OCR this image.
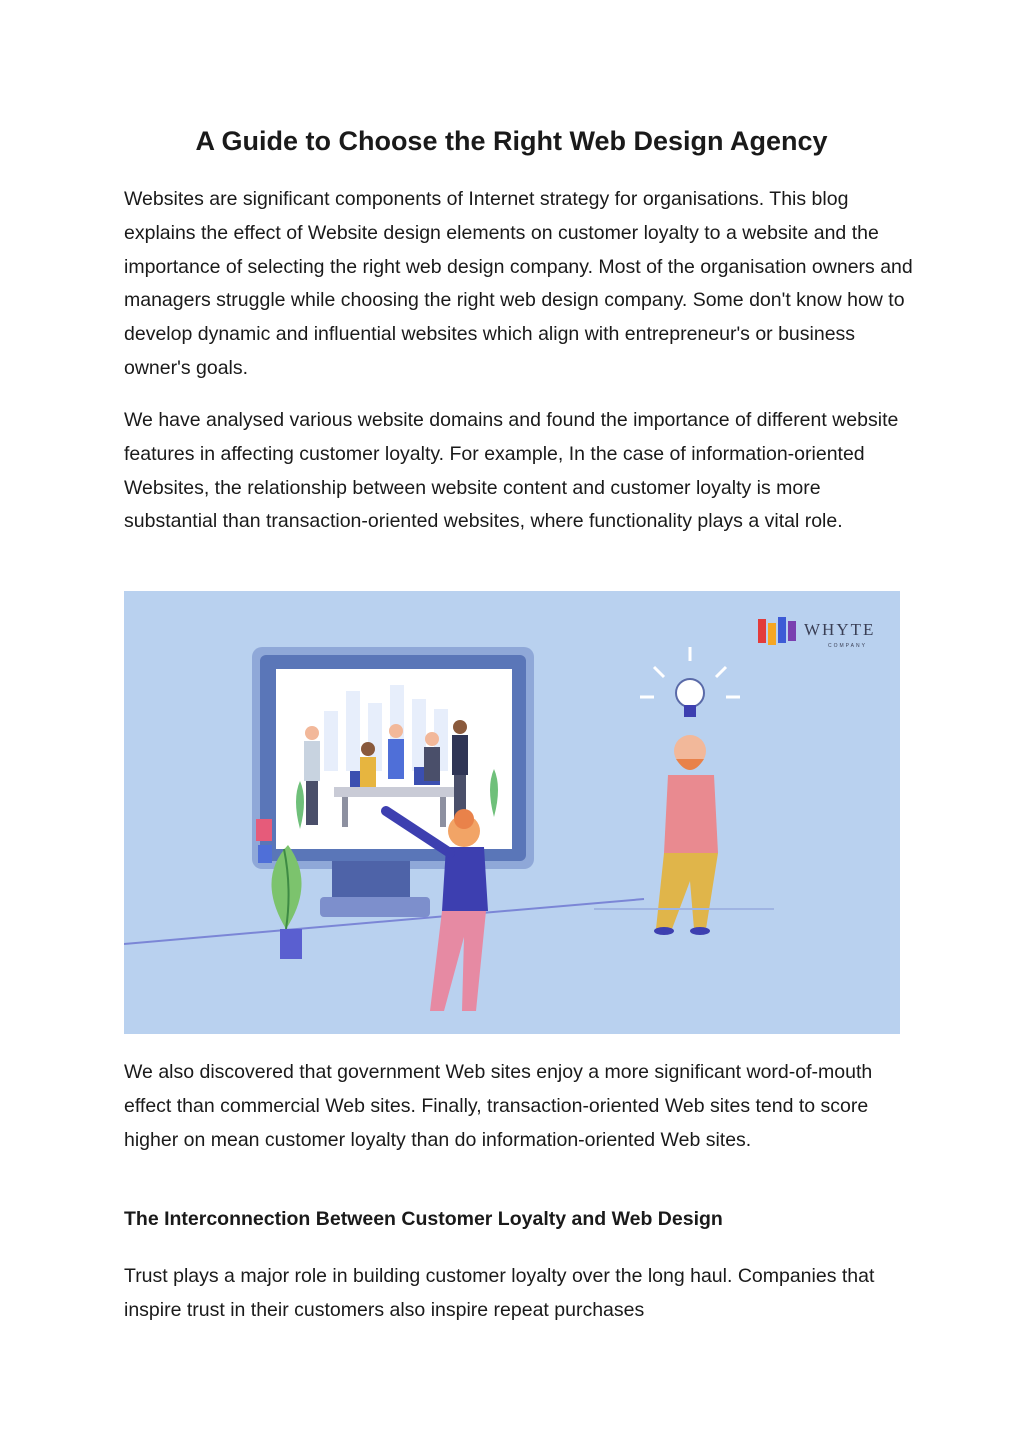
A Guide to Choose the Right Web Design Agency

Websites are significant components of Internet strategy for organisations. This blog explains the effect of Website design elements on customer loyalty to a website and the importance of selecting the right web design company. Most of the organisation owners and managers struggle while choosing the right web design company. Some don't know how to develop dynamic and influential websites which align with entrepreneur's or business owner's goals.

We have analysed various website domains and found the importance of different website features in affecting customer loyalty. For example, In the case of information-oriented Websites, the relationship between website content and customer loyalty is more substantial than transaction-oriented websites, where functionality plays a vital role.

WHYTE
COMPANY

We also discovered that government Web sites enjoy a more significant word-of-mouth effect than commercial Web sites. Finally, transaction-oriented Web sites tend to score higher on mean customer loyalty than do information-oriented Web sites.

The Interconnection Between Customer Loyalty and Web Design

Trust plays a major role in building customer loyalty over the long haul. Companies that inspire trust in their customers also inspire repeat purchases
